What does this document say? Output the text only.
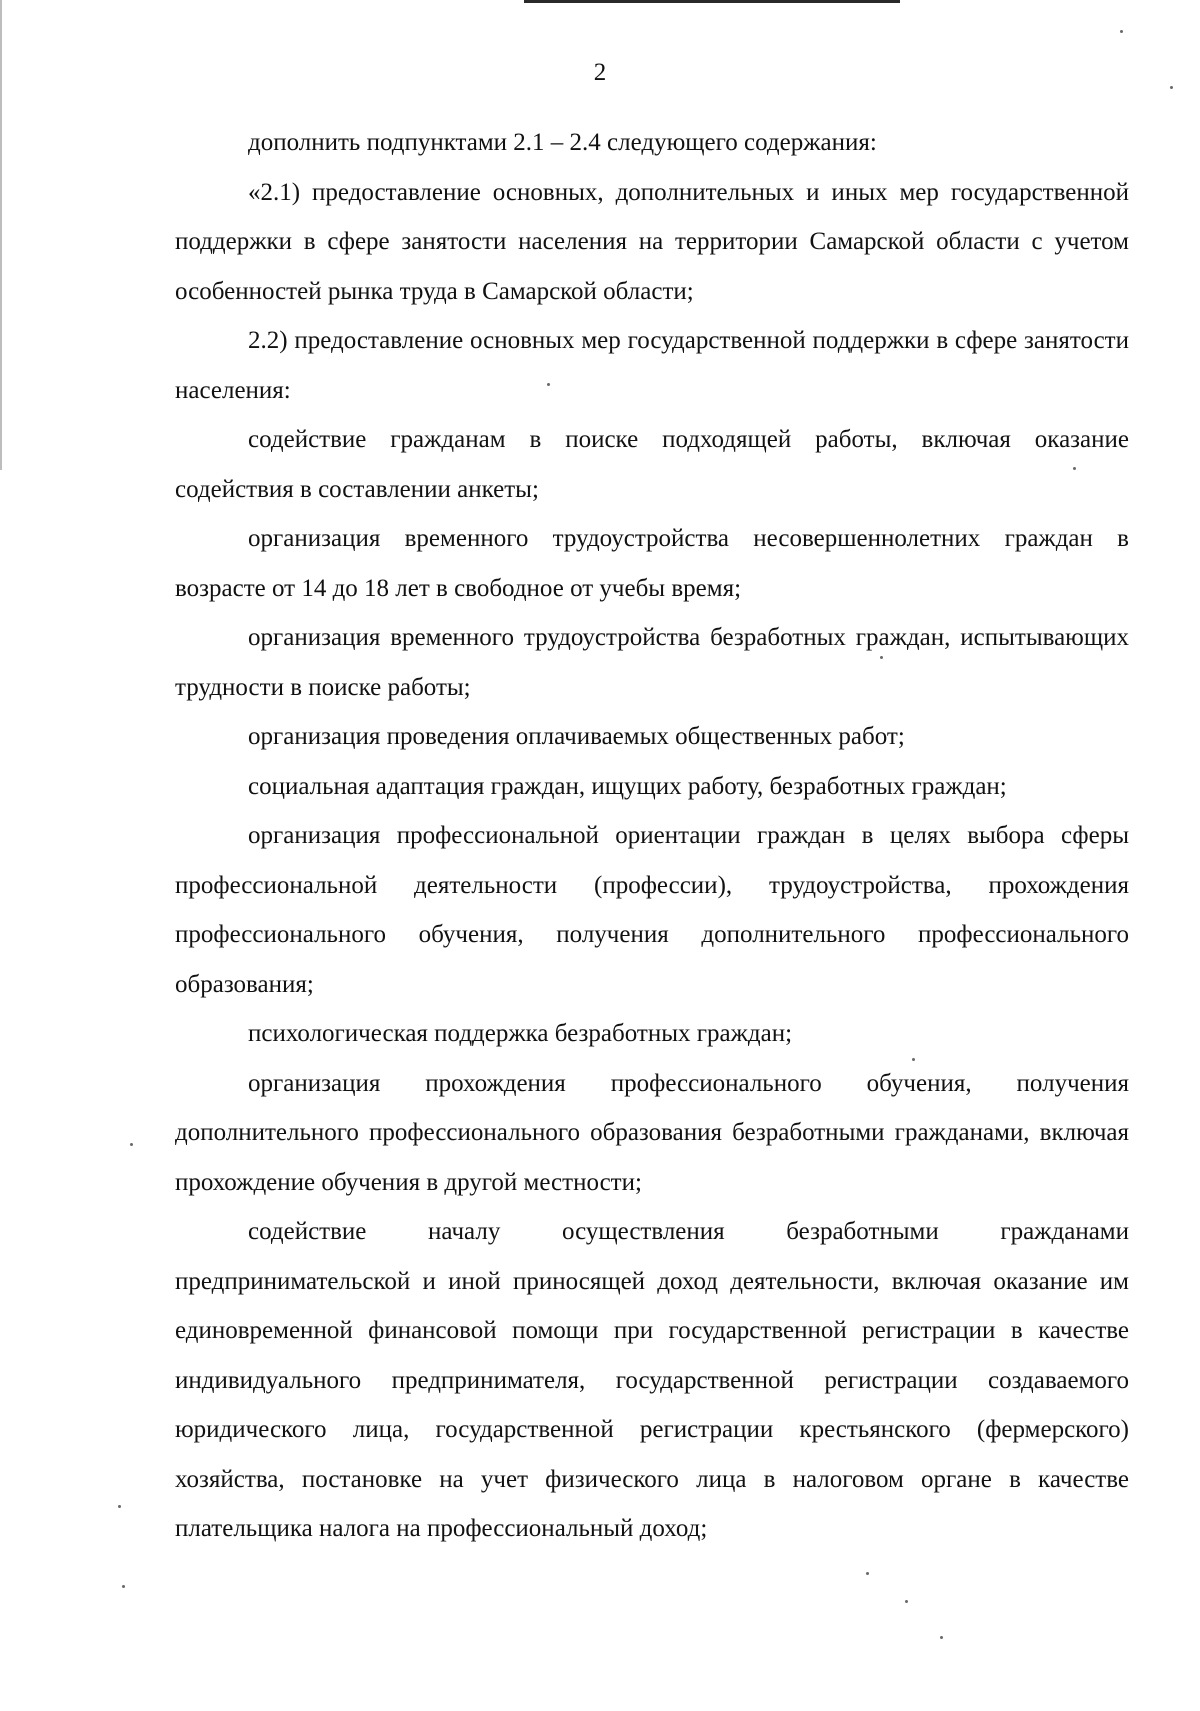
2

дополнить подпунктами 2.1 – 2.4 следующего содержания:

«2.1) предоставление основных, дополнительных и иных мер государственной поддержки в сфере занятости населения на территории Самарской области с учетом особенностей рынка труда в Самарской области;

2.2) предоставление основных мер государственной поддержки в сфере занятости населения:

содействие гражданам в поиске подходящей работы, включая оказание содействия в составлении анкеты;

организация временного трудоустройства несовершеннолетних граждан в возрасте от 14 до 18 лет в свободное от учебы время;

организация временного трудоустройства безработных граждан, испытывающих трудности в поиске работы;

организация проведения оплачиваемых общественных работ;

социальная адаптация граждан, ищущих работу, безработных граждан;

организация профессиональной ориентации граждан в целях выбора сферы профессиональной деятельности (профессии), трудоустройства, прохождения профессионального обучения, получения дополнительного профессионального образования;

психологическая поддержка безработных граждан;

организация прохождения профессионального обучения, получения дополнительного профессионального образования безработными гражданами, включая прохождение обучения в другой местности;

содействие началу осуществления безработными гражданами предпринимательской и иной приносящей доход деятельности, включая оказание им единовременной финансовой помощи при государственной регистрации в качестве индивидуального предпринимателя, государственной регистрации создаваемого юридического лица, государственной регистрации крестьянского (фермерского) хозяйства, постановке на учет физического лица в налоговом органе в качестве плательщика налога на профессиональный доход;
